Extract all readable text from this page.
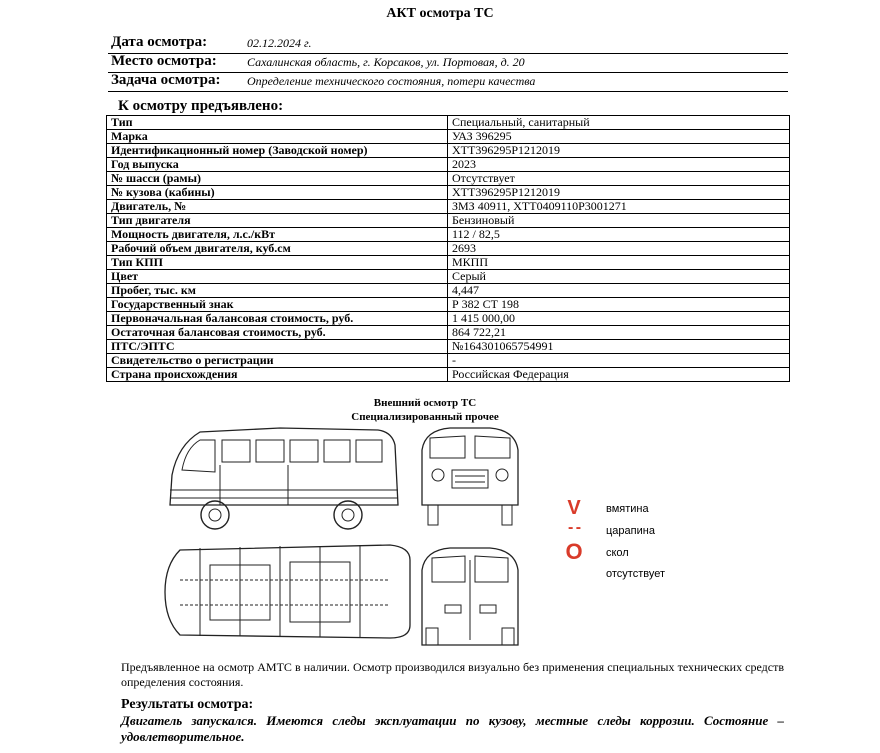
АКТ осмотра ТС
Дата осмотра:	02.12.2024 г.
Место осмотра:	Сахалинская область, г. Корсаков, ул. Портовая, д. 20
Задача осмотра: Определение технического состояния, потери качества
К осмотру предъявлено:
Тип	Специальный, санитарный
Марка	УАЗ 396295
Идентификационный номер (Заводской номер)	XTT396295P1212019
Год выпуска	2023
№ шасси (рамы)	Отсутствует
№ кузова (кабины)	XTT396295P1212019
Двигатель, №	ЗМЗ 40911, XTT0409110P3001271
Тип двигателя	Бензиновый
Мощность двигателя, л.с./кВт	112 / 82,5
Рабочий объем двигателя, куб.см	2693
Тип КПП	МКПП
Цвет	Серый
Пробег, тыс. км	4,447
Государственный знак	Р 382 СТ 198
Первоначальная балансовая стоимость, руб.	1 415 000,00
Остаточная балансовая стоимость, руб.	864 722,21
ПТС/ЭПТС	№164301065754991
Свидетельство о регистрации	-
Страна происхождения	Российская Федерация
Внешний осмотр ТС
Специализированный прочее
V	вмятина
- -	царапина
O	скол
отсутствует
Предъявленное на осмотр АМТС в наличии. Осмотр производился визуально без применения специальных технических средств определения состояния.
Результаты осмотра:
Двигатель запускался. Имеются следы эксплуатации по кузову, местные следы коррозии. Состояние – удовлетворительное.
